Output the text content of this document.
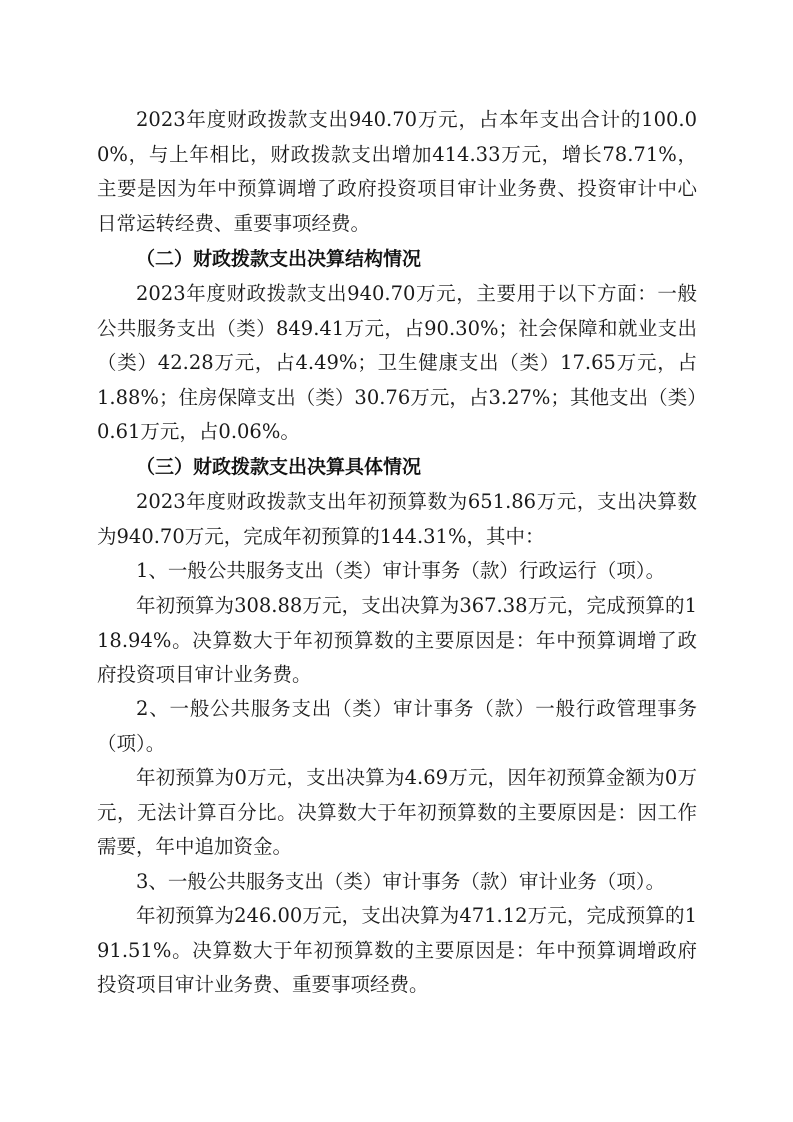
2023年度财政拨款支出940.70万元，占本年支出合计的100.00%，与上年相比，财政拨款支出增加414.33万元，增长78.71%，主要是因为年中预算调增了政府投资项目审计业务费、投资审计中心日常运转经费、重要事项经费。

（二）财政拨款支出决算结构情况

2023年度财政拨款支出940.70万元，主要用于以下方面：一般公共服务支出（类）849.41万元，占90.30%；社会保障和就业支出（类）42.28万元，占4.49%；卫生健康支出（类）17.65万元，占1.88%；住房保障支出（类）30.76万元，占3.27%；其他支出（类）0.61万元，占0.06%。

（三）财政拨款支出决算具体情况

2023年度财政拨款支出年初预算数为651.86万元，支出决算数为940.70万元，完成年初预算的144.31%，其中：

1、一般公共服务支出（类）审计事务（款）行政运行（项）。

年初预算为308.88万元，支出决算为367.38万元，完成预算的118.94%。决算数大于年初预算数的主要原因是：年中预算调增了政府投资项目审计业务费。

2、一般公共服务支出（类）审计事务（款）一般行政管理事务（项）。

年初预算为0万元，支出决算为4.69万元，因年初预算金额为0万元，无法计算百分比。决算数大于年初预算数的主要原因是：因工作需要，年中追加资金。

3、一般公共服务支出（类）审计事务（款）审计业务（项）。

年初预算为246.00万元，支出决算为471.12万元，完成预算的191.51%。决算数大于年初预算数的主要原因是：年中预算调增政府投资项目审计业务费、重要事项经费。
